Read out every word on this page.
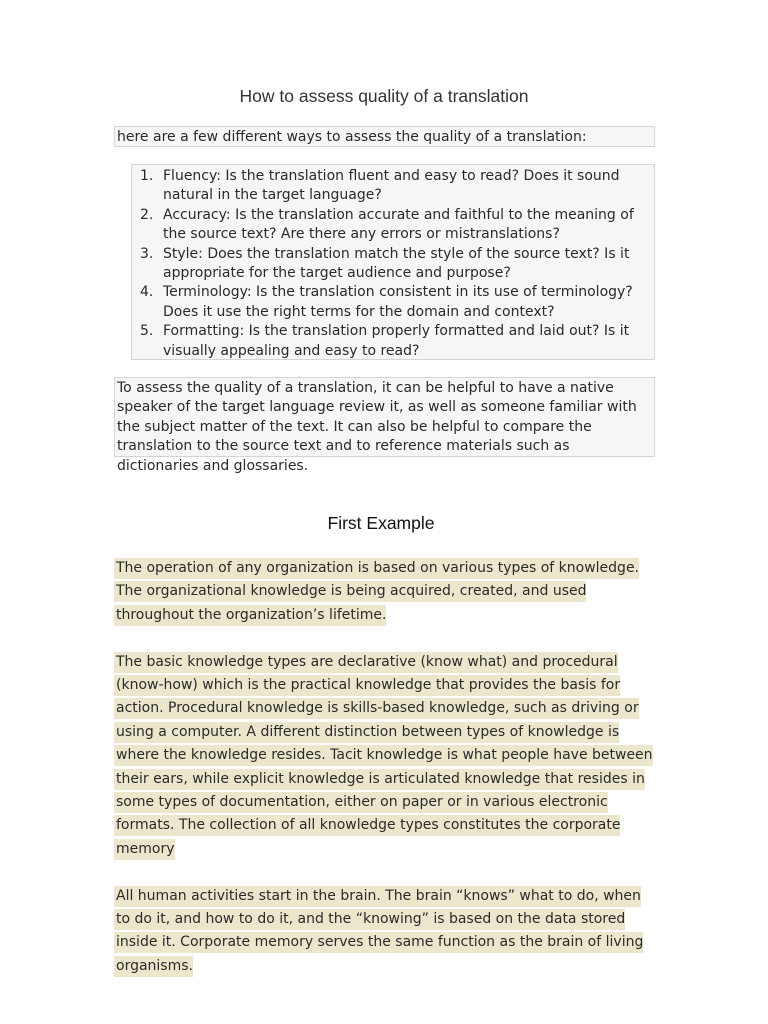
How to assess quality of a translation
here are a few different ways to assess the quality of a translation:
1. Fluency: Is the translation fluent and easy to read? Does it sound natural in the target language?
2. Accuracy: Is the translation accurate and faithful to the meaning of the source text? Are there any errors or mistranslations?
3. Style: Does the translation match the style of the source text? Is it appropriate for the target audience and purpose?
4. Terminology: Is the translation consistent in its use of terminology? Does it use the right terms for the domain and context?
5. Formatting: Is the translation properly formatted and laid out? Is it visually appealing and easy to read?
To assess the quality of a translation, it can be helpful to have a native speaker of the target language review it, as well as someone familiar with the subject matter of the text. It can also be helpful to compare the translation to the source text and to reference materials such as dictionaries and glossaries.
First Example

The operation of any organization is based on various types of knowledge. The organizational knowledge is being acquired, created, and used throughout the organization’s lifetime.

The basic knowledge types are declarative (know what) and procedural (know-how) which is the practical knowledge that provides the basis for action. Procedural knowledge is skills-based knowledge, such as driving or using a computer. A different distinction between types of knowledge is where the knowledge resides. Tacit knowledge is what people have between their ears, while explicit knowledge is articulated knowledge that resides in some types of documentation, either on paper or in various electronic formats. The collection of all knowledge types constitutes the corporate memory

All human activities start in the brain. The brain “knows” what to do, when to do it, and how to do it, and the “knowing” is based on the data stored inside it. Corporate memory serves the same function as the brain of living organisms.
